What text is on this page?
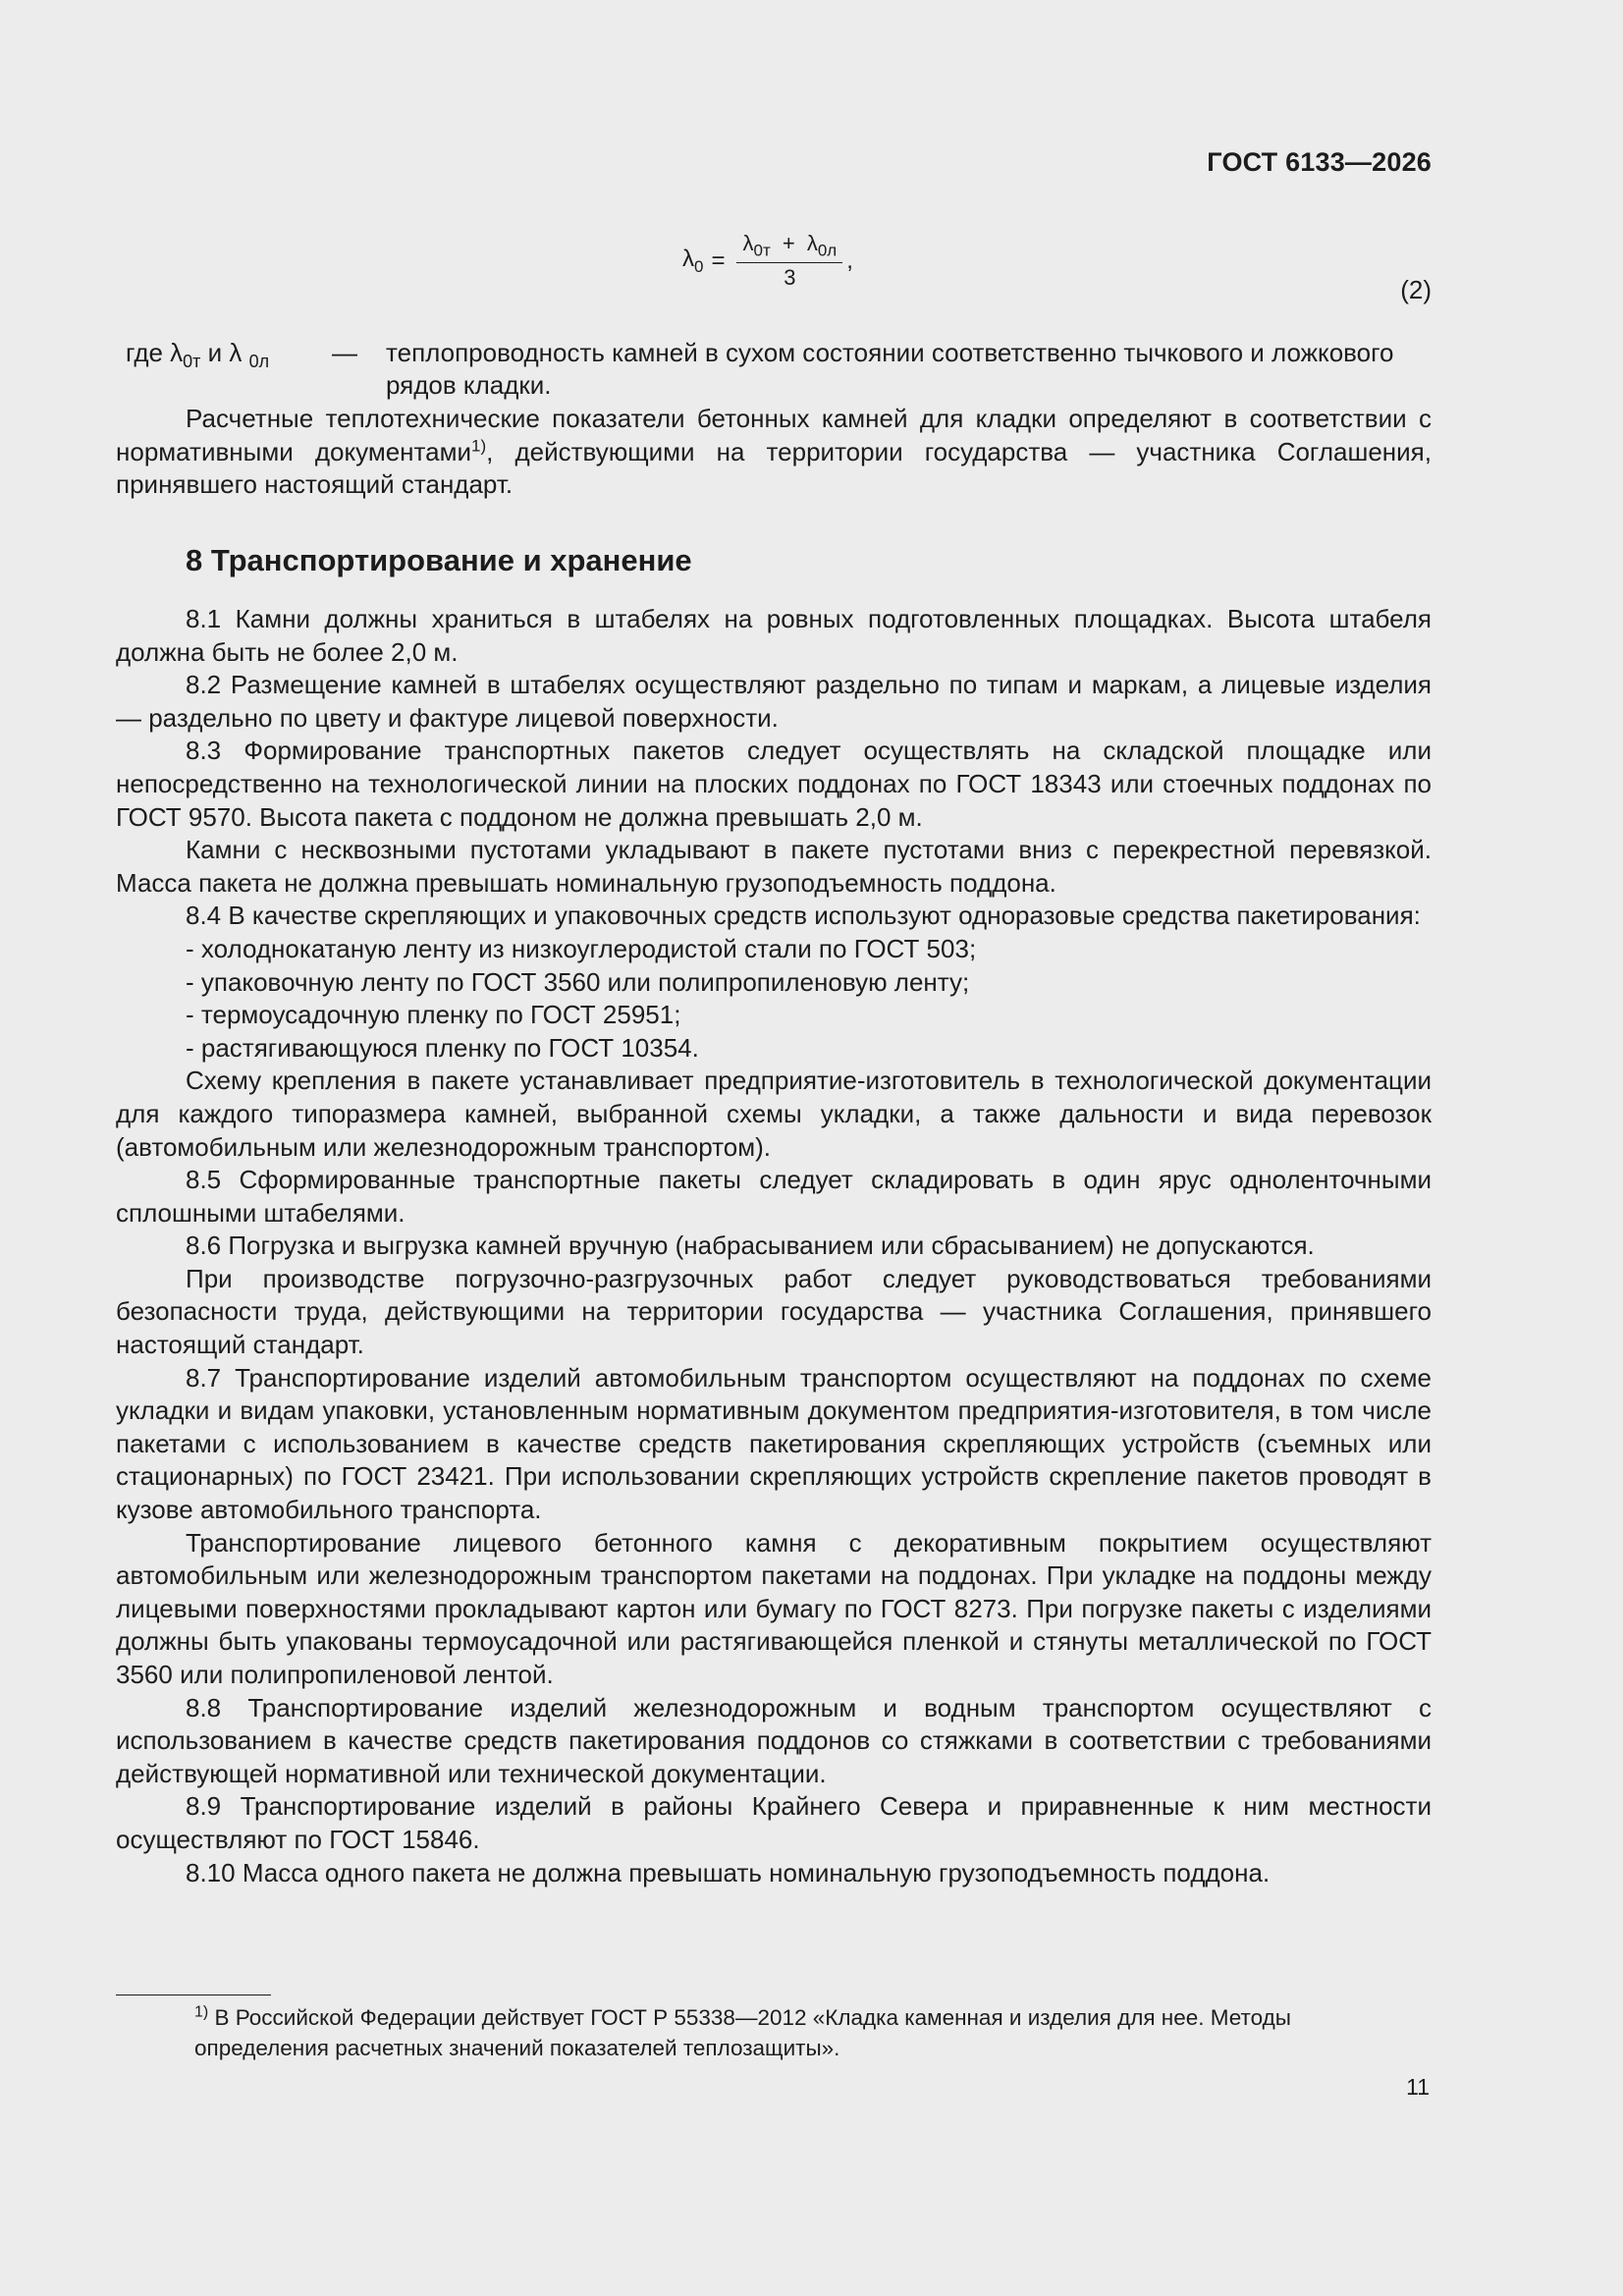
ГОСТ 6133—2026
$\lambda_0 = \frac{\lambda_{0т} + \lambda_{0л}}{3}$ ,
(2)
где $\lambda_{0т}$ и λ $_{0л}$	—	теплопроводность камней в сухом состоянии соответственно тычкового и ложкового рядов кладки.

Расчетные теплотехнические показатели бетонных камней для кладки определяют в соответствии с нормативными документами$^{1)}$, действующими на территории государства — участника Соглашения, принявшего настоящий стандарт.

8 Транспортирование и хранение

8.1 Камни должны храниться в штабелях на ровных подготовленных площадках. Высота штабеля должна быть не более 2,0 м.

8.2 Размещение камней в штабелях осуществляют раздельно по типам и маркам, а лицевые изделия — раздельно по цвету и фактуре лицевой поверхности.

8.3 Формирование транспортных пакетов следует осуществлять на складской площадке или непосредственно на технологической линии на плоских поддонах по ГОСТ 18343 или стоечных поддонах по ГОСТ 9570. Высота пакета с поддоном не должна превышать 2,0 м.

Камни с несквозными пустотами укладывают в пакете пустотами вниз с перекрестной перевязкой. Масса пакета не должна превышать номинальную грузоподъемность поддона.

8.4 В качестве скрепляющих и упаковочных средств используют одноразовые средства пакетирования:

- холоднокатаную ленту из низкоуглеродистой стали по ГОСТ 503;

- упаковочную ленту по ГОСТ 3560 или полипропиленовую ленту;

- термоусадочную пленку по ГОСТ 25951;

- растягивающуюся пленку по ГОСТ 10354.

Схему крепления в пакете устанавливает предприятие-изготовитель в технологической документации для каждого типоразмера камней, выбранной схемы укладки, а также дальности и вида перевозок (автомобильным или железнодорожным транспортом).

8.5 Сформированные транспортные пакеты следует складировать в один ярус одноленточными сплошными штабелями.

8.6 Погрузка и выгрузка камней вручную (набрасыванием или сбрасыванием) не допускаются.

При производстве погрузочно-разгрузочных работ следует руководствоваться требованиями безопасности труда, действующими на территории государства — участника Соглашения, принявшего настоящий стандарт.

8.7 Транспортирование изделий автомобильным транспортом осуществляют на поддонах по схеме укладки и видам упаковки, установленным нормативным документом предприятия-изготовителя, в том числе пакетами с использованием в качестве средств пакетирования скрепляющих устройств (съемных или стационарных) по ГОСТ 23421. При использовании скрепляющих устройств скрепление пакетов проводят в кузове автомобильного транспорта.

Транспортирование лицевого бетонного камня с декоративным покрытием осуществляют автомобильным или железнодорожным транспортом пакетами на поддонах. При укладке на поддоны между лицевыми поверхностями прокладывают картон или бумагу по ГОСТ 8273. При погрузке пакеты с изделиями должны быть упакованы термоусадочной или растягивающейся пленкой и стянуты металлической по ГОСТ 3560 или полипропиленовой лентой.

8.8 Транспортирование изделий железнодорожным и водным транспортом осуществляют с использованием в качестве средств пакетирования поддонов со стяжками в соответствии с требованиями действующей нормативной или технической документации.

8.9 Транспортирование изделий в районы Крайнего Севера и приравненные к ним местности осуществляют по ГОСТ 15846.

8.10 Масса одного пакета не должна превышать номинальную грузоподъемность поддона.

$^{1)}$ В Российской Федерации действует ГОСТ Р 55338—2012 «Кладка каменная и изделия для нее. Методы определения расчетных значений показателей теплозащиты».
11
